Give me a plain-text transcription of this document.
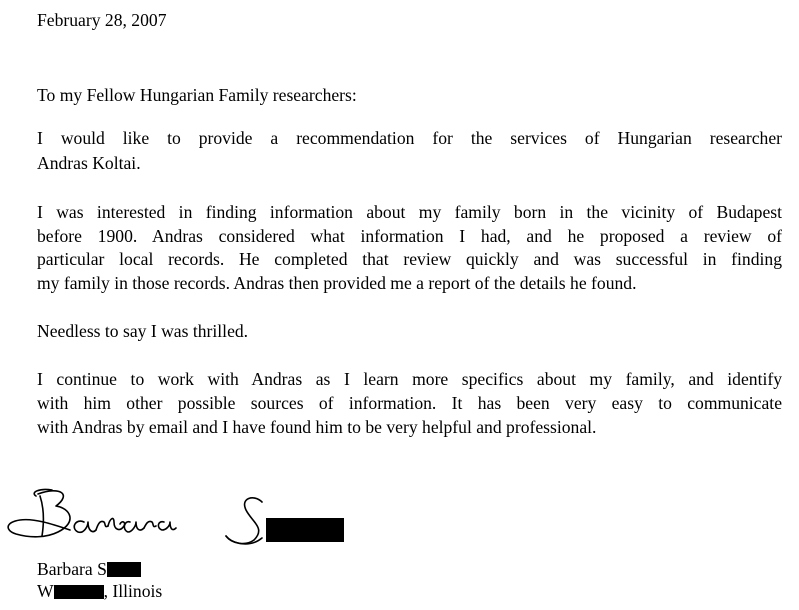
February 28, 2007
To my Fellow Hungarian Family researchers:
I would like to provide a recommendation for the services of Hungarian researcher
Andras Koltai.
I was interested in finding information about my family born in the vicinity of Budapest
before 1900. Andras considered what information I had, and he proposed a review of
particular local records. He completed that review quickly and was successful in finding
my family in those records. Andras then provided me a report of the details he found.
Needless to say I was thrilled.
I continue to work with Andras as I learn more specifics about my family, and identify
with him other possible sources of information. It has been very easy to communicate
with Andras by email and I have found him to be very helpful and professional.
Barbara S
W	, Illinois
